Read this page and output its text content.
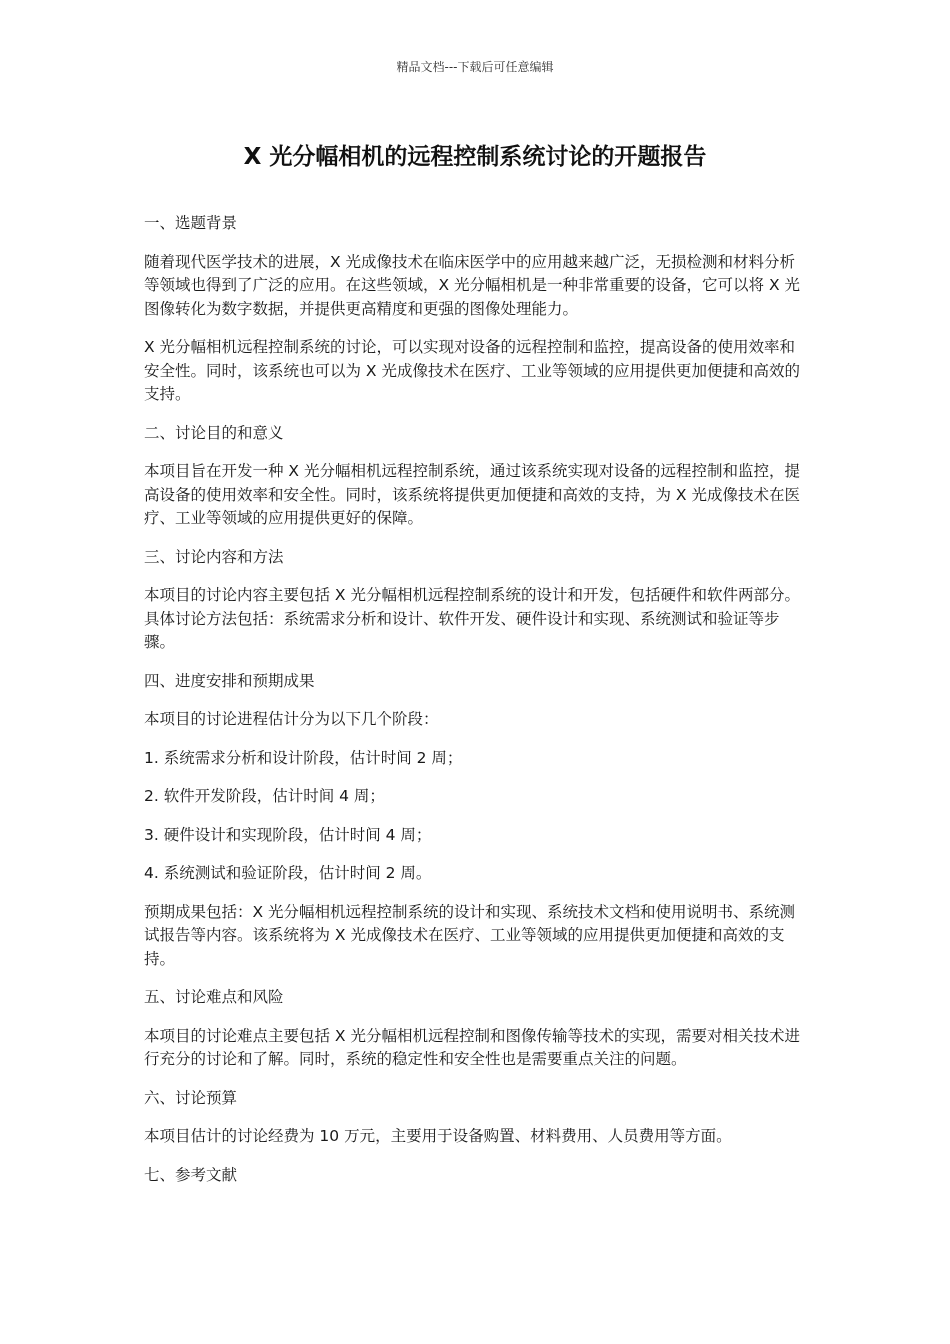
精品文档---下载后可任意编辑
X 光分幅相机的远程控制系统讨论的开题报告

一、选题背景

随着现代医学技术的进展，X 光成像技术在临床医学中的应用越来越广泛，无损检测和材料分析等领域也得到了广泛的应用。在这些领域，X 光分幅相机是一种非常重要的设备，它可以将 X 光图像转化为数字数据，并提供更高精度和更强的图像处理能力。

X 光分幅相机远程控制系统的讨论，可以实现对设备的远程控制和监控，提高设备的使用效率和安全性。同时，该系统也可以为 X 光成像技术在医疗、工业等领域的应用提供更加便捷和高效的支持。

二、讨论目的和意义

本项目旨在开发一种 X 光分幅相机远程控制系统，通过该系统实现对设备的远程控制和监控，提高设备的使用效率和安全性。同时，该系统将提供更加便捷和高效的支持，为 X 光成像技术在医疗、工业等领域的应用提供更好的保障。

三、讨论内容和方法

本项目的讨论内容主要包括 X 光分幅相机远程控制系统的设计和开发，包括硬件和软件两部分。具体讨论方法包括：系统需求分析和设计、软件开发、硬件设计和实现、系统测试和验证等步骤。

四、进度安排和预期成果

本项目的讨论进程估计分为以下几个阶段：

1. 系统需求分析和设计阶段，估计时间 2 周；

2. 软件开发阶段，估计时间 4 周；

3. 硬件设计和实现阶段，估计时间 4 周；

4. 系统测试和验证阶段，估计时间 2 周。

预期成果包括：X 光分幅相机远程控制系统的设计和实现、系统技术文档和使用说明书、系统测试报告等内容。该系统将为 X 光成像技术在医疗、工业等领域的应用提供更加便捷和高效的支持。

五、讨论难点和风险

本项目的讨论难点主要包括 X 光分幅相机远程控制和图像传输等技术的实现，需要对相关技术进行充分的讨论和了解。同时，系统的稳定性和安全性也是需要重点关注的问题。

六、讨论预算

本项目估计的讨论经费为 10 万元，主要用于设备购置、材料费用、人员费用等方面。

七、参考文献
